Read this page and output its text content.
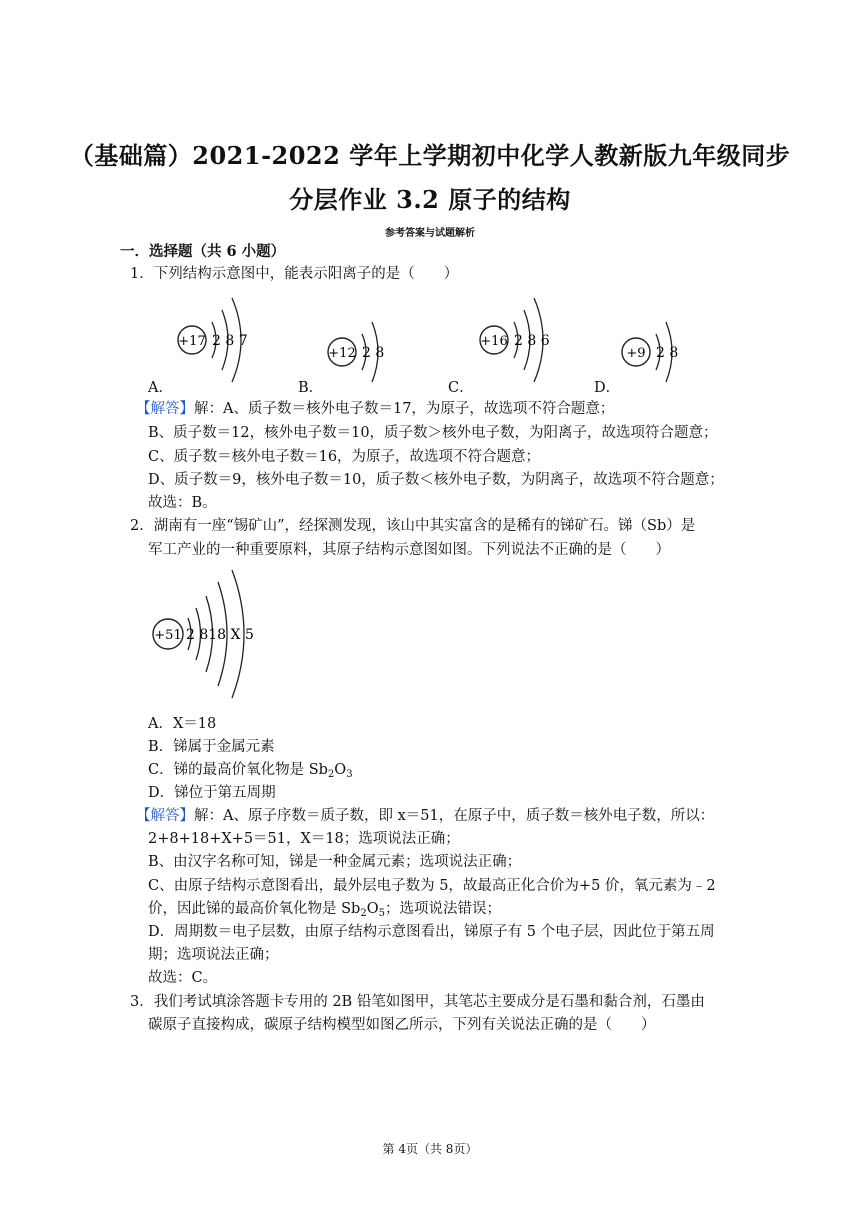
（基础篇）2021-2022 学年上学期初中化学人教新版九年级同步
分层作业 3.2 原子的结构
参考答案与试题解析
一．选择题（共 6 小题）
1．下列结构示意图中，能表示阳离子的是（　　）
+17 2 8 7
+12 2 8
+16 2 8 6
+9 2 8
A．	B．	C．	D．
【解答】解：A、质子数＝核外电子数＝17，为原子，故选项不符合题意；
B、质子数＝12，核外电子数＝10，质子数＞核外电子数，为阳离子，故选项符合题意；
C、质子数＝核外电子数＝16，为原子，故选项不符合题意；
D、质子数＝9，核外电子数＝10，质子数＜核外电子数，为阴离子，故选项不符合题意；
故选：B。
2．湖南有一座“锡矿山”，经探测发现，该山中其实富含的是稀有的锑矿石。锑（Sb）是
军工产业的一种重要原料，其原子结构示意图如图。下列说法不正确的是（　　）
+51 2 818 X 5
A．X＝18
B．锑属于金属元素
C．锑的最高价氧化物是 $Sb_2O_3$
D．锑位于第五周期
【解答】解：A、原子序数＝质子数，即 x＝51，在原子中，质子数＝核外电子数，所以：
2+8+18+X+5＝51，X＝18；选项说法正确；
B、由汉字名称可知，锑是一种金属元素；选项说法正确；
C、由原子结构示意图看出，最外层电子数为 5，故最高正化合价为+5 价，氧元素为﹣2
价，因此锑的最高价氧化物是 $Sb_2O_5$；选项说法错误；
D．周期数＝电子层数，由原子结构示意图看出，锑原子有 5 个电子层，因此位于第五周
期；选项说法正确；
故选：C。
3．我们考试填涂答题卡专用的 2B 铅笔如图甲，其笔芯主要成分是石墨和黏合剂，石墨由
碳原子直接构成，碳原子结构模型如图乙所示，下列有关说法正确的是（　　）
第 4页（共 8页）
